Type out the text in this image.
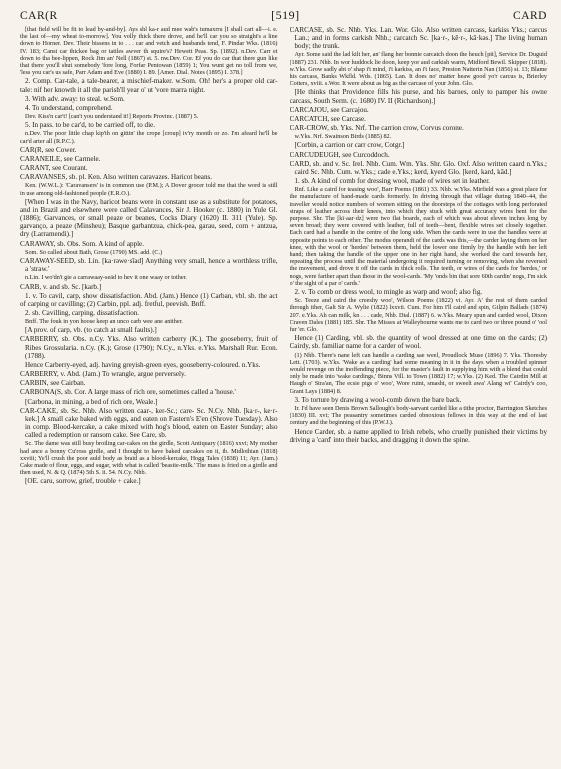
CAR(R	[519]	CARD

[that field will be fit to lead by-and-by]. Ays shl ka-r aud mee wab's tumaxrru [I shall cart all—i. e. the last of—my wheat to-morrow]. You volly thick there drove, and he'll car you so straight's a line down to Horner. Dev. Their bissens in to . . . car and vetch and husbands tend, F. Pindar Wks. (1816) IV. 183; Canst car thickee bag or tattles awver th squire's? Hewett Peas. Sp. (1892). n.Dev. Carr et down to tha bee-lippen, Rock Jim an' Nell (1867) st. 5. nw.Dev. Cor. Ef you do car that there gun like that there you'll shut somebody 'fore long, Forfar Pentowan (1859) 1; You wunt get no toll from we, 'less you car's us safe, Parr Adam and Eve (1880) I. 89. [Amer. Dial. Notes (1895) I. 378.]

2. Comp. Car-tale, a tale-bearer, a mischief-maker. w.Som. Oh! her's a proper old car-tale: nif her knowth it all the parish'll year o' ut 'vore marra night.

3. With adv. away: to steal. w.Som.

4. To understand, comprehend.

Dev. Kiss'n car't! [can't you understand it!] Reports Provinc. (1887) 5.

5. In pass. to be car'd, to be carried off, to die.

n.Dev. The poor little chap kip'th on gittin' the crope [croup] iv'ry month or zo. I'm afeard he'll be car'd arter all (R.P.C.).

CAR(R, see Cower.

CARANEILE, see Carmele.

CARANT, see Courant.

CARAVANSES, sb. pl. Ken. Also written caravazes. Haricot beans.

Ken. (W.W.L.): 'Caravansers' is in common use (P.M.); A Dover grocer told me that the word is still in use among old-fashioned people (E.R.O.).

[When I was in the Navy, haricot beans were in constant use as a substitute for potatoes, and in Brazil and elsewhere were called Calavances, Sir J. Hooker (c. 1880) in Yule Gl. (1886); Garvances, or small peaze or beanes, Cocks Diary (1620) II. 311 (Yule). Sp. garvanço, a peaze (Minsheu); Basque garbantzua, chick-pea, garau, seed, corn + antzua, dry (Larramendi).]

CARAWAY, sb. Obs. Som. A kind of apple.

Som. So called about Bath, Grose (1790) MS. add. (C.)

CARAWAY-SEED, sb. Lin. [ka·rəwe·sīad] Anything very small, hence a worthless trifle, a 'straw.'

n.Lin. I wo'dn't gie a carrawaay-seäd to hev it one waay or tother.

CARB, v. and sb. Sc. [karb.]

1. v. To cavil, carp, show dissatisfaction. Abd. (Jam.) Hence (1) Carban, vbl. sb. the act of carping or cavilling; (2) Carbin, ppl. adj. fretful, peevish. Bnff.

2. sb. Cavilling, carping, dissatisfaction.

Bnff. The fouk in yon hoose keep an unco carb wee ane anither.

[A prov. of carp, vb. (to catch at small faults).]

CARBERRY, sb. Obs. n.Cy. Yks. Also written carberry (K.). The gooseberry, fruit of Ribes Grossularia. n.Cy. (K.); Grose (1790); N.Cy., n.Yks. e.Yks. Marshall Rur. Econ. (1788).

Hence Carberry-eyed, adj. having greyish-green eyes, gooseberry-coloured. n.Yks.

CARBERRY, v. Abd. (Jam.) To wrangle, argue perversely.

CARBIN, see Cairban.

CARBONA(S, sb. Cor. A large mass of rich ore, sometimes called a 'house.'

[Carbona, in mining, a bed of rich ore, Weale.]

CAR-CAKE, sb. Sc. Nhb. Also written caar-, ker-Sc.; care- Sc. N.Cy. Nhb. [ka·r-, ke·r-kek.] A small cake baked with eggs, and eaten on Fastern's E'en (Shrove Tuesday). Also in comp. Blood-kercake, a cake mixed with hog's blood, eaten on Easter Sunday; also called a redemption or ransom cake. See Care, sb.

Sc. The dame was still busy broiling car-cakes on the girdle, Scott Antiquary (1816) xxvi; My mother had ance a bonny Cu'ross girdle, and I thought to have baked carcakes on it, ib. Midlothian (1818) xxviii; Ye'll crush the poor auld body as braid as a blood-kercake, Hogg Tales (1838) 11; Ayr. (Jam.) Cake made of flour, eggs, and sugar, with what is called 'beastie-milk.' The mass is fried on a girdle and then used, N. & Q. (1874) 5th S. ii. 54. N.Cy. Nhb.

[OE. caru, sorrow, grief, trouble + cake.]

CARCASE, sb. Sc. Nhb. Yks. Lan. Wor. Glo. Also written carcass, karkiss Yks.; carcus Lan.; and in forms carkish Nhb.; carcatch Sc. [ka·r-, kē·r-, kā·kəs.] The living human body; the trunk.

Ayr. Some said the lad kilt her, an' flang her bonnie carcatch doon the heuch [pit], Service Dr. Duguid (1887) 231. Nhb. In wor huddock lie doon, keep yor aud carkish warm, Midford Bewil. Skipper (1818). w.Yks. Grow sadly abt o' shap i't mind, i't karkiss, an i't face, Preston Natterin Nan (1856) st. 13; Blame his carcass, Banks Wkfld. Wds. (1865). Lan. It does no' matter heaw good yo'r carcus is, Brierley Cotters, xviii. s.Wor. It were about as big as the carcase of your John. Glo.

[He thinks that Providence fills his purse, and his barnes, only to pamper his owne carcass, South Serm. (c. 1680) IV. II (Richardson).]

CARCAJOU, see Carcajou.

CARCATCH, see Carcase.

CAR-CROW, sb. Yks. Nrf. The carrion crow, Corvus corone.

w.Yks. Nrf. Swainson Birds (1885) 82.

[Corbin, a carrion or carr crow, Cotgr.]

CARCUDEUGH, see Curcoddoch.

CARD, sb. and v. Sc. Irel. Nhb. Cum. Wm. Yks. Shr. Glo. Oxf. Also written caard n.Yks.; caird Sc. Nhb. Cum. w.Yks.; cade e.Yks.; kerd, kyerd Glo. [kerd, kard, kād.]

1. sb. A kind of comb for dressing wool, made of wires set in leather.

Rnf. Like a caird for teasing woo', Barr Poems (1861) 33. Nhb. w.Yks. Mirfield was a great place for the manufacture of hand-made cards formerly. In driving through that village during 1840–44, the traveller would notice numbers of women sitting on the doorsteps of the cottages with long perforated straps of leather across their knees, into which they stuck with great accuracy wires bent for the purpose. Shr. The [kī·aar·dz] were two flat boards, each of which was about eleven inches long by seven broad; they were covered with leather, full of teeth—bent, flexible wires set closely together. Each card had a handle in the centre of the long side. When the cards were in use the handles were at opposite points to each other. The modus operandi of the cards was this,—the carder laying them on her knee, with the wool or 'herdes' between them, held the lower one firmly by the handle with her left hand; then taking the handle of the upper one in her right hand, she worked the card towards her, repeating the process until the material undergoing it required turning or removing, when she reversed the movement, and drove it off the cards in thick rolls. The teeth, or wires of the cards for 'herdes,' or nogs, were farther apart than those in the wool-cards. 'My 'onds bin that sore 60th cardin' nogs, I'm sick o' the sight of a par o' cards.'

2. v. To comb or dress wool, to mingle as warp and woof; also fig.

Sc. Teeze and caird the creeshy woo', Wilson Poems (1822) vi. Ayr. A' the rest of them carded through ither, Galt Sir A. Wylie (1822) lxxvii. Cum. For him I'll caird and spin, Gilpin Ballads (1874) 207. e.Yks. Ah can milk, kn . . . cade, Nhb. Dial. (1887) 6. w.Yks. Meary spun and carded wool, Dixon Craven Dales (1881) 185. Shr. The Misses at Walleybourne wants me to card two or three pound o' 'ool fur 'er. Glo.

Hence (1) Carding, vbl. sb. the quantity of wool dressed at one time on the cards; (2) Cairdy, sb. familiar name for a carder of wool.

(1) Nhb. There's nane left can handle a carding sae weel, Proudlock Muse (1896) 7. Yks. Thoresby Lett. (1703). w.Yks. 'Wake as a carding' had some meaning in it in the days when a troubled spinner would revenge on the inoffending piece, for the master's fault in supplying him with a blend that could only be made into 'wake cardings,' Binns Vill. to Town (1882) 17; w.Yks. (2) Ked. The Cairdin Mill at Haugh o' Stra'an, The ecsie pigs o' woo', Wore ruint, smasht, or sweelt awa' Alang wi' Cairdy's coo, Grant Lays (1884) 8.

3. To torture by drawing a wool-comb down the bare back.

Ir. I'd have seen Denis Brown Sallough's body-sarvant carded like a tithe proctor, Barrington Sketches (1830) III. xvi; The peasantry sometimes carded obnoxious fellows in this way at the end of last century and the beginning of this (P.W.J.).

Hence Carder, sb. a name applied to Irish rebels, who cruelly punished their victims by driving a 'card' into their backs, and dragging it down the spine.
